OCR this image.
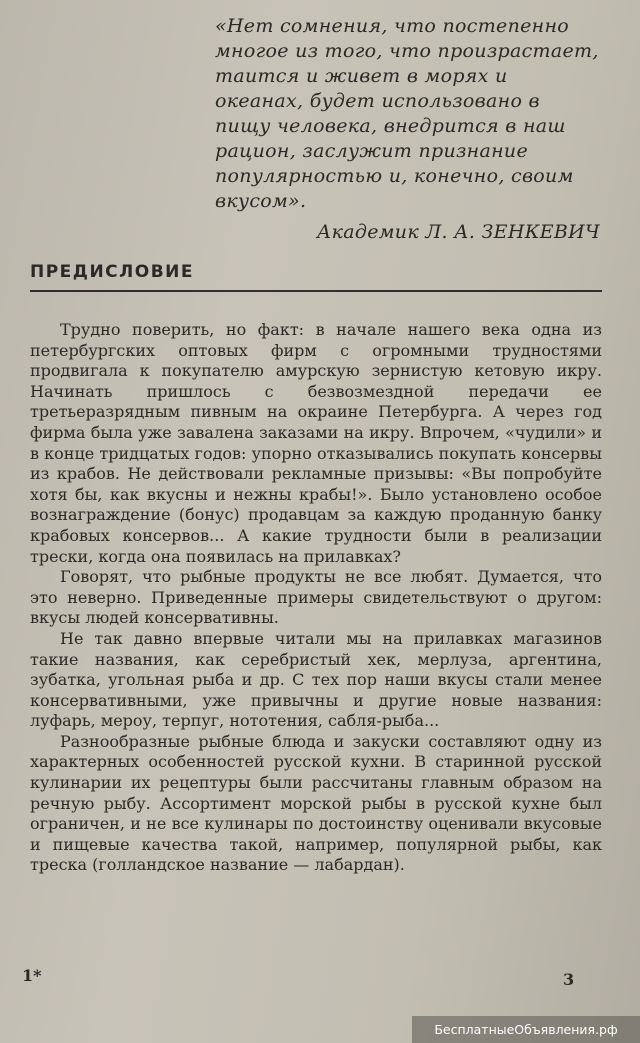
«Нет сомнения, что постепенно многое из того, что произрастает, таится и живет в морях и океанах, будет использовано в пищу человека, внедрится в наш рацион, заслужит признание популярностью и, конечно, своим вкусом».

Академик Л. А. ЗЕНКЕВИЧ
ПРЕДИСЛОВИЕ

Трудно поверить, но факт: в начале нашего века одна из петербургских оптовых фирм с огромными трудностями продвигала к покупателю амурскую зернистую кетовую икру. Начинать пришлось с безвозмездной передачи ее третьеразрядным пивным на окраине Петербурга. А через год фирма была уже завалена заказами на икру. Впрочем, «чудили» и в конце тридцатых годов: упорно отказывались покупать консервы из крабов. Не действовали рекламные призывы: «Вы попробуйте хотя бы, как вкусны и нежны крабы!». Было установлено особое вознаграждение (бонус) продавцам за каждую проданную банку крабовых консервов... А какие трудности были в реализации трески, когда она появилась на прилавках?

Говорят, что рыбные продукты не все любят. Думается, что это неверно. Приведенные примеры свидетельствуют о другом: вкусы людей консервативны.

Не так давно впервые читали мы на прилавках магазинов такие названия, как серебристый хек, мерлуза, аргентина, зубатка, угольная рыба и др. С тех пор наши вкусы стали менее консервативными, уже привычны и другие новые названия: луфарь, мероу, терпуг, нототения, сабля-рыба...

Разнообразные рыбные блюда и закуски составляют одну из характерных особенностей русской кухни. В старинной русской кулинарии их рецептуры были рассчитаны главным образом на речную рыбу. Ассортимент морской рыбы в русской кухне был ограничен, и не все кулинары по достоинству оценивали вкусовые и пищевые качества такой, например, популярной рыбы, как треска (голландское название — лабардан).

1*	3
БесплатныеОбъявления.рф
